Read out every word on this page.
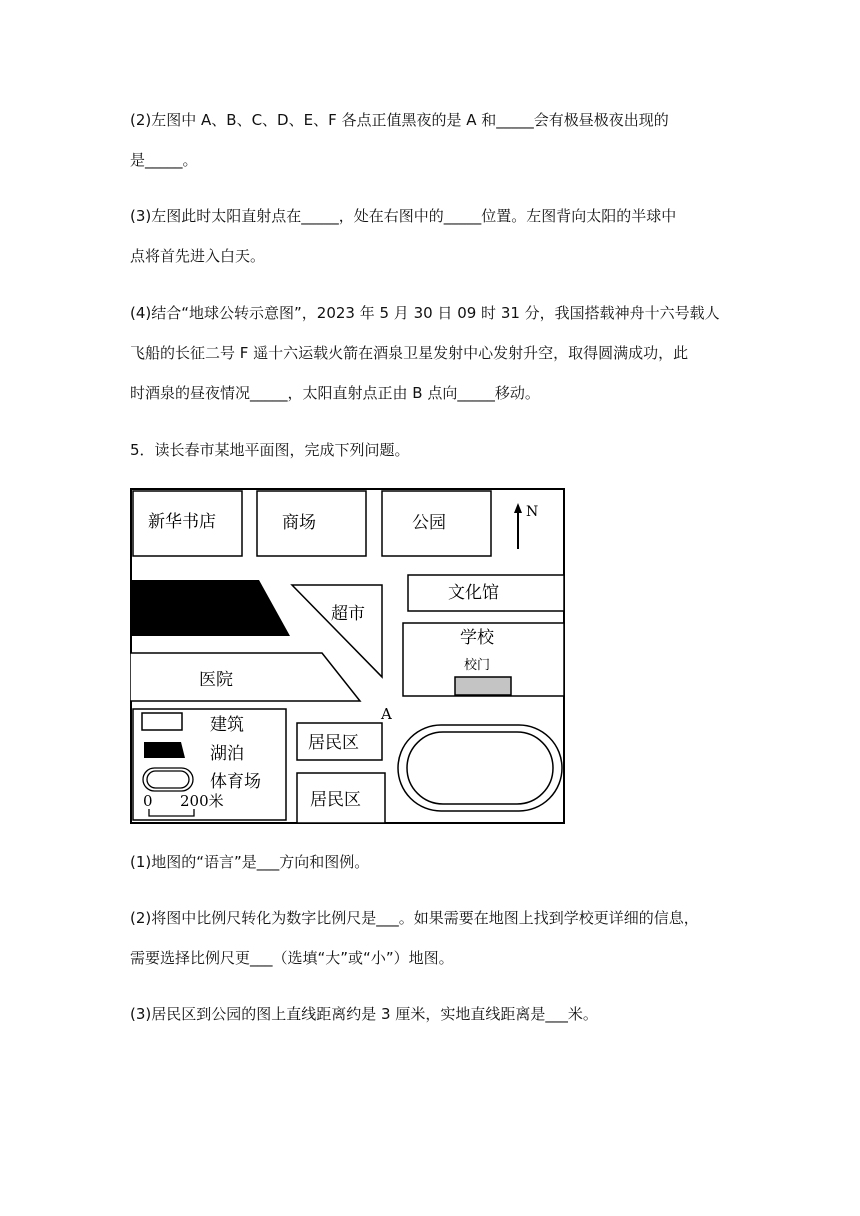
(2)左图中 A、B、C、D、E、F 各点正值黑夜的是 A 和_____会有极昼极夜出现的
是_____。
(3)左图此时太阳直射点在_____，处在右图中的_____位置。左图背向太阳的半球中
点将首先进入白天。
(4)结合“地球公转示意图”，2023 年 5 月 30 日 09 时 31 分，我国搭载神舟十六号载人
飞船的长征二号 F 遥十六运载火箭在酒泉卫星发射中心发射升空，取得圆满成功，此
时酒泉的昼夜情况_____，太阳直射点正由 B 点向_____移动。
5．读长春市某地平面图，完成下列问题。
新华书店	商场	公园
N
超市
文化馆
学校
校门
医院
A
建筑
湖泊
体育场
0 200米
居民区
居民区
(1)地图的“语言”是___方向和图例。
(2)将图中比例尺转化为数字比例尺是___。如果需要在地图上找到学校更详细的信息，
需要选择比例尺更___（选填“大”或“小”）地图。
(3)居民区到公园的图上直线距离约是 3 厘米，实地直线距离是___米。
